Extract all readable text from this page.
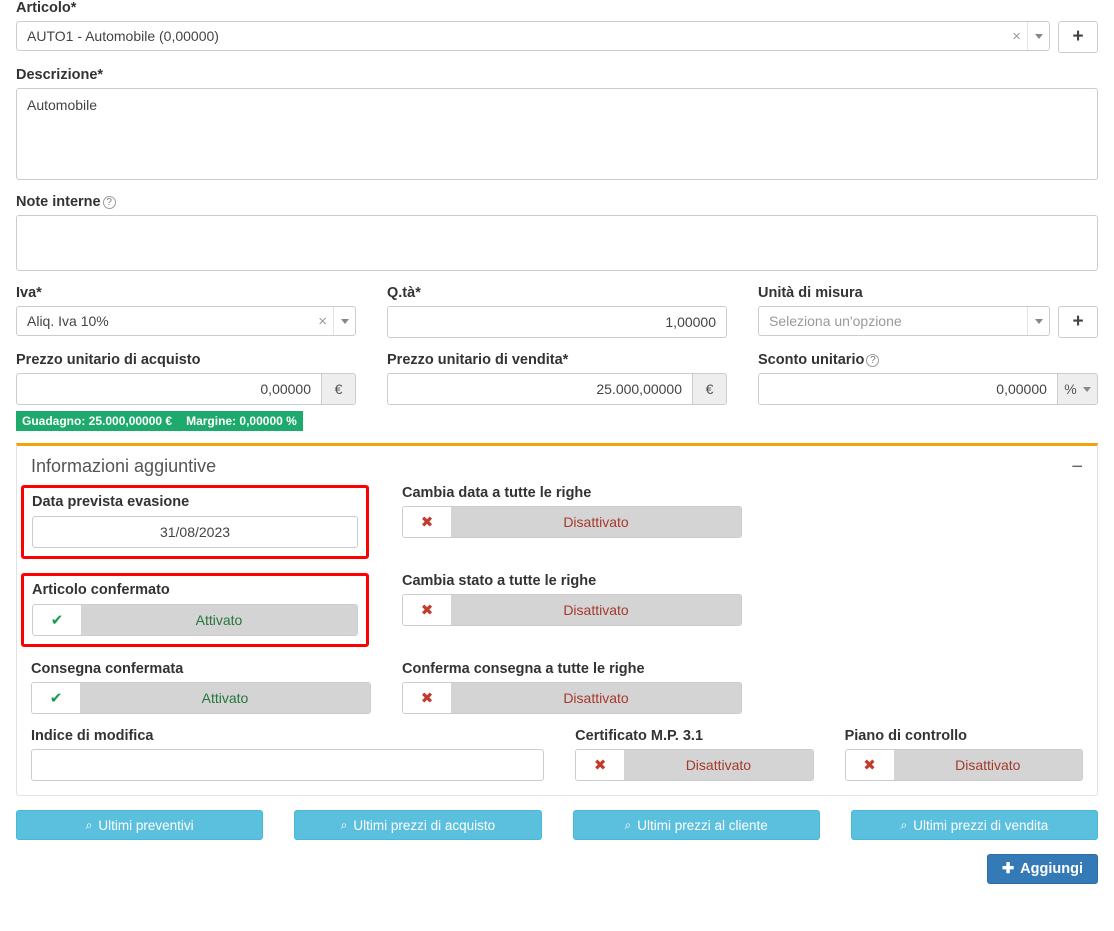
Articolo*
AUTO1 - Automobile (0,00000)	×	+
Descrizione*
Automobile
Note interne ?
Iva*
Aliq. Iva 10%	×
Q.tà*
1,00000	Unità di misura
Seleziona un'opzione	+
Prezzo unitario di acquisto
0,00000
€
Guadagno: 25.000,00000 € Margine: 0,00000 %
Prezzo unitario di vendita*
25.000,00000
€
Sconto unitario ?
0,00000
%
Informazioni aggiuntive	−
Data prevista evasione
31/08/2023
Cambia data a tutte le righe
✖	Disattivato
Articolo confermato
✔	Attivato
Cambia stato a tutte le righe
✖	Disattivato
Consegna confermata
✔	Attivato
Conferma consegna a tutte le righe
✖	Disattivato
Indice di modifica	Certificato M.P. 3.1
✖	Disattivato
Piano di controllo
✖	Disattivato
⌕ Ultimi preventivi	⌕ Ultimi prezzi di acquisto	⌕ Ultimi prezzi al cliente	⌕ Ultimi prezzi di vendita
✚ Aggiungi
